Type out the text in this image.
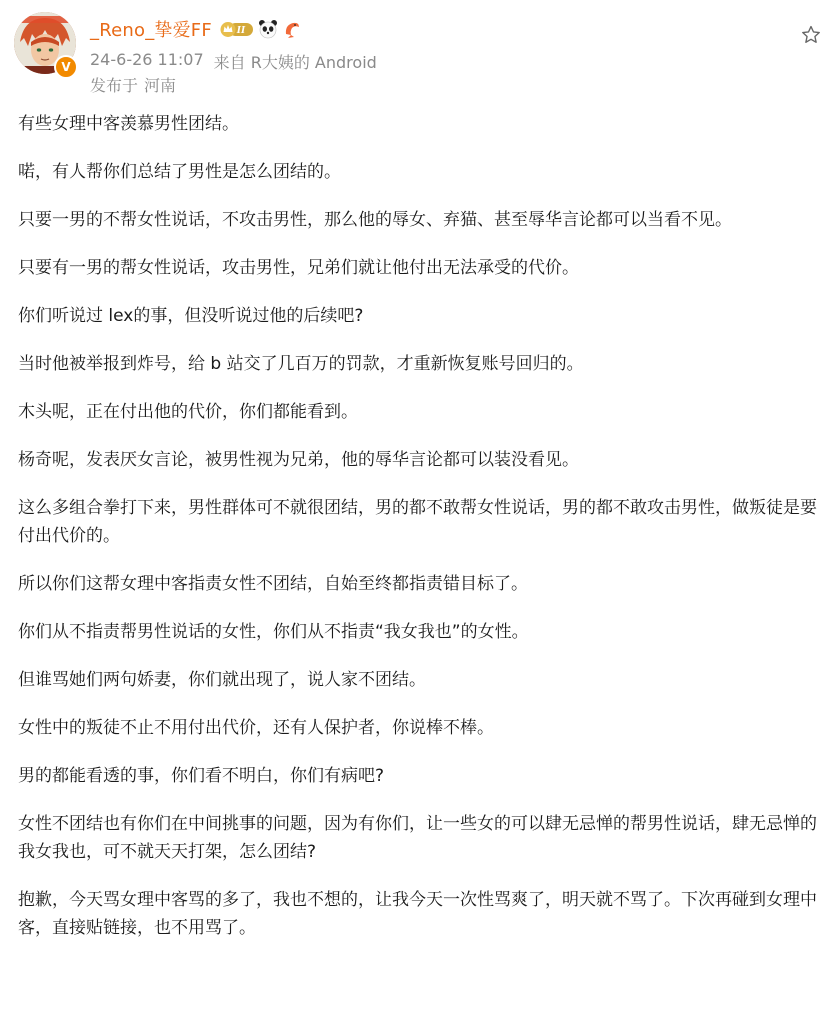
V
_Reno_挚爱FF	II
24-6-26 11:07 来自 R大姨的 Android
发布于 河南

有些女理中客羡慕男性团结。

喏，有人帮你们总结了男性是怎么团结的。

只要一男的不帮女性说话，不攻击男性，那么他的辱女、弃猫、甚至辱华言论都可以当看不见。

只要有一男的帮女性说话，攻击男性，兄弟们就让他付出无法承受的代价。

你们听说过 lex的事，但没听说过他的后续吧?

当时他被举报到炸号，给 b 站交了几百万的罚款，才重新恢复账号回归的。

木头呢，正在付出他的代价，你们都能看到。

杨奇呢，发表厌女言论，被男性视为兄弟，他的辱华言论都可以装没看见。

这么多组合拳打下来，男性群体可不就很团结，男的都不敢帮女性说话，男的都不敢攻击男性，做叛徒是要付出代价的。

所以你们这帮女理中客指责女性不团结，自始至终都指责错目标了。

你们从不指责帮男性说话的女性，你们从不指责“我女我也”的女性。

但谁骂她们两句娇妻，你们就出现了，说人家不团结。

女性中的叛徒不止不用付出代价，还有人保护者，你说棒不棒。

男的都能看透的事，你们看不明白，你们有病吧?

女性不团结也有你们在中间挑事的问题，因为有你们，让一些女的可以肆无忌惮的帮男性说话，肆无忌惮的我女我也，可不就天天打架，怎么团结?

抱歉，今天骂女理中客骂的多了，我也不想的，让我今天一次性骂爽了，明天就不骂了。下次再碰到女理中客，直接贴链接，也不用骂了。
